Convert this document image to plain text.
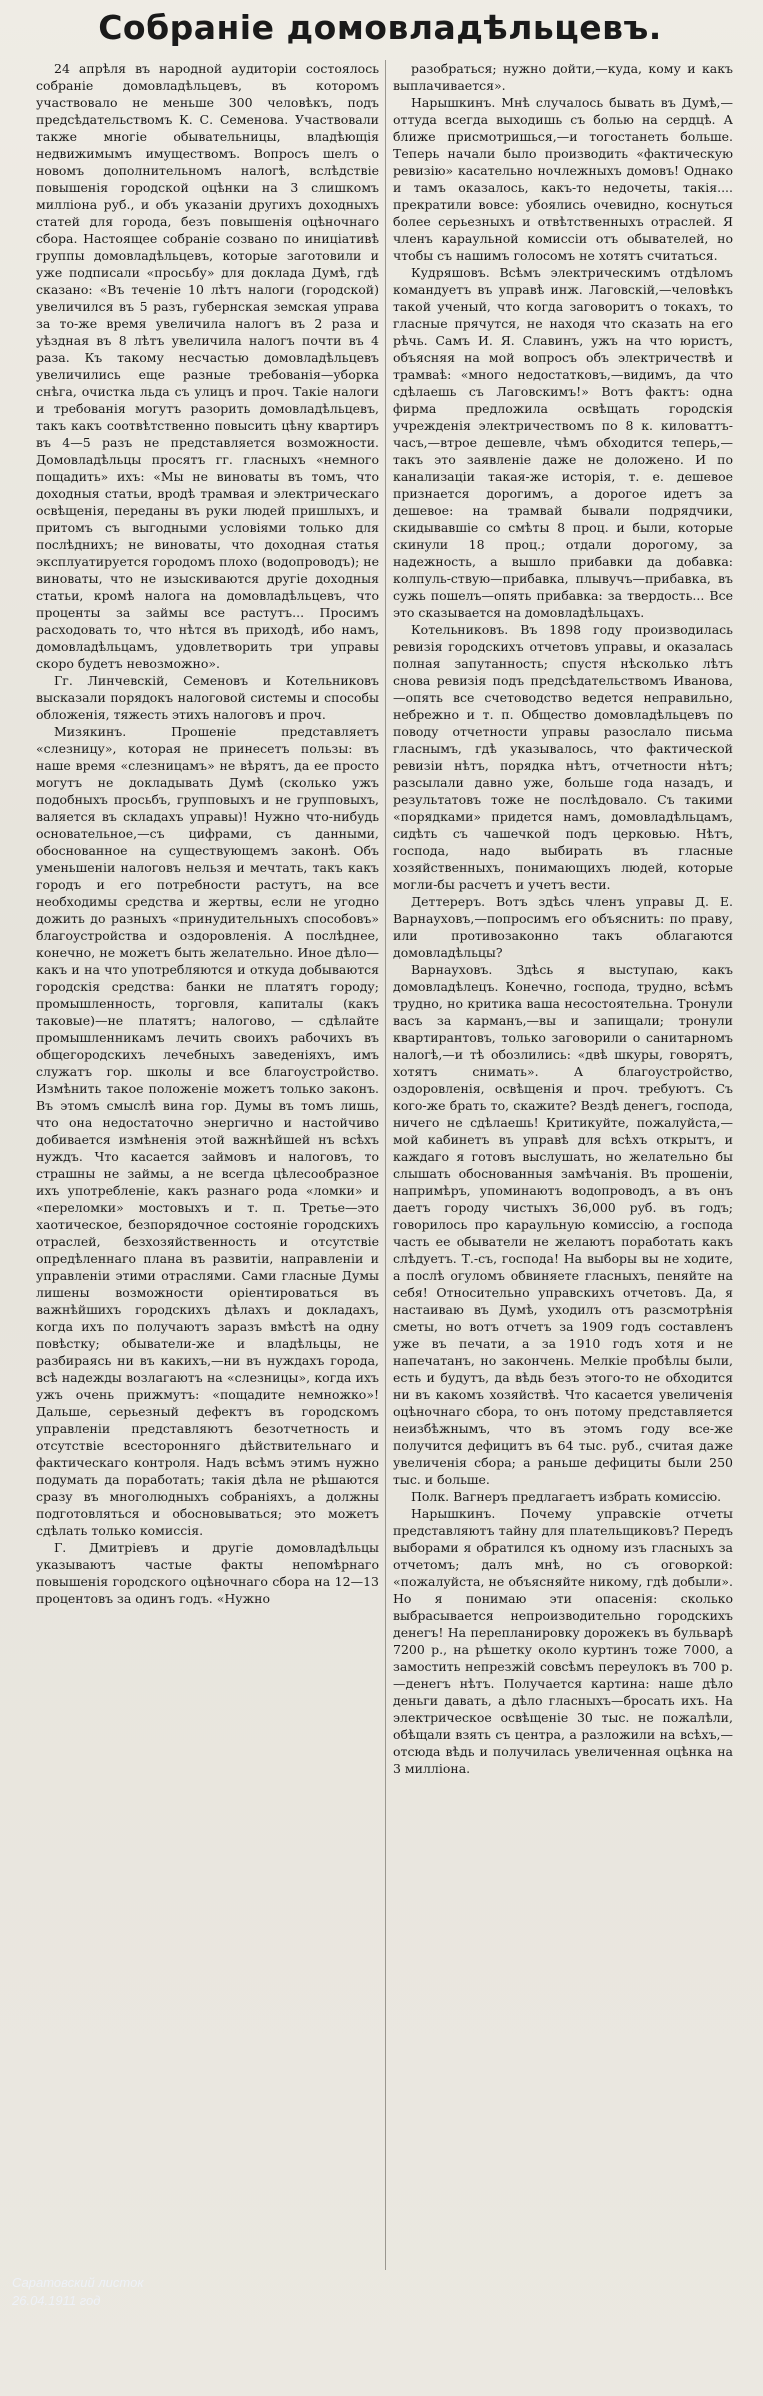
Собраніе домовладѣльцевъ.

24 апрѣля въ народной аудиторіи состоялось собраніе домовладѣльцевъ, въ которомъ участвовало не меньше 300 человѣкъ, подъ предсѣдательствомъ К. С. Семенова. Участвовали также многіе обывательницы, владѣющія недвижимымъ имуществомъ. Вопросъ шелъ о новомъ дополнительномъ налогѣ, вслѣдствіе повышенія городской оцѣнки на 3 слишкомъ милліона руб., и объ указаніи другихъ доходныхъ статей для города, безъ повышенія оцѣночнаго сбора. Настоящее собраніе созвано по иниціативѣ группы домовладѣльцевъ, которые заготовили и уже подписали «просьбу» для доклада Думѣ, гдѣ сказано: «Въ теченіе 10 лѣтъ налоги (городской) увеличился въ 5 разъ, губернская земская управа за то-же время увеличила налогъ въ 2 раза и уѣздная въ 8 лѣтъ увеличила налогъ почти въ 4 раза. Къ такому несчастью домовладѣльцевъ увеличились еще разные требованія—уборка снѣга, очистка льда съ улицъ и проч. Такіе налоги и требованія могутъ разорить домовладѣльцевъ, такъ какъ соотвѣтственно повысить цѣну квартиръ въ 4—5 разъ не представляется возможности. Домовладѣльцы просятъ гг. гласныхъ «немного пощадить» ихъ: «Мы не виноваты въ томъ, что доходныя статьи, вродѣ трамвая и электрическаго освѣщенія, переданы въ руки людей пришлыхъ, и притомъ съ выгодными условіями только для послѣднихъ; не виноваты, что доходная статья эксплуатируется городомъ плохо (водопроводъ); не виноваты, что не изыскиваются другіе доходныя статьи, кромѣ налога на домовладѣльцевъ, что проценты за займы все растутъ... Просимъ расходовать то, что нѣтся въ приходѣ, ибо намъ, домовладѣльцамъ, удовлетворить три управы скоро будетъ невозможно».

Гг. Линчевскій, Семеновъ и Котельниковъ высказали порядокъ налоговой системы и способы обложенія, тяжесть этихъ налоговъ и проч.

Мизякинъ. Прошеніе представляетъ «слезницу», которая не принесетъ пользы: въ наше время «слезницамъ» не вѣрятъ, да ее просто могутъ не докладывать Думѣ (сколько ужъ подобныхъ просьбъ, групповыхъ и не групповыхъ, валяется въ складахъ управы)! Нужно что-нибудь основательное,—съ цифрами, съ данными, обоснованное на существующемъ законѣ. Объ уменьшеніи налоговъ нельзя и мечтать, такъ какъ городъ и его потребности растутъ, на все необходимы средства и жертвы, если не угодно дожить до разныхъ «принудительныхъ способовъ» благоустройства и оздоровленія. А послѣднее, конечно, не можетъ быть желательно. Иное дѣло—какъ и на что употребляются и откуда добываются городскія средства: банки не платятъ городу; промышленность, торговля, капиталы (какъ таковые)—не платятъ; налогово, — сдѣлайте промышленникамъ лечить своихъ рабочихъ въ общегородскихъ лечебныхъ заведеніяхъ, имъ служатъ гор. школы и все благоустройство. Измѣнить такое положеніе можетъ только законъ. Въ этомъ смыслѣ вина гор. Думы въ томъ лишь, что она недостаточно энергично и настойчиво добивается измѣненія этой важнѣйшей нъ всѣхъ нуждъ. Что касается займовъ и налоговъ, то страшны не займы, а не всегда цѣлесообразное ихъ употребленіе, какъ разнаго рода «ломки» и «переломки» мостовыхъ и т. п. Третье—это хаотическое, безпорядочное состояніе городскихъ отраслей, безхозяйственность и отсутствіе опредѣленнаго плана въ развитіи, направленіи и управленіи этими отраслями. Сами гласные Думы лишены возможности оріентироваться въ важнѣйшихъ городскихъ дѣлахъ и докладахъ, когда ихъ по получаютъ заразъ вмѣстѣ на одну повѣстку; обыватели-же и владѣльцы, не разбираясь ни въ какихъ,—ни въ нуждахъ города, всѣ надежды возлагаютъ на «слезницы», когда ихъ ужъ очень прижмутъ: «пощадите немножко»! Дальше, серьезный дефектъ въ городскомъ управленіи представляютъ безотчетность и отсутствіе всесторонняго дѣйствительнаго и фактическаго контроля. Надъ всѣмъ этимъ нужно подумать да поработать; такія дѣла не рѣшаются сразу въ многолюдныхъ собраніяхъ, а должны подготовляться и обосновываться; это можетъ сдѣлать только комиссія.

Г. Дмитріевъ и другіе домовладѣльцы указываютъ частые факты непомѣрнаго повышенія городского оцѣночнаго сбора на 12—13 процентовъ за одинъ годъ. «Нужно

разобраться; нужно дойти,—куда, кому и какъ выплачивается».

Нарышкинъ. Мнѣ случалось бывать въ Думѣ,—оттуда всегда выходишь съ болью на сердцѣ. А ближе присмотришься,—и тогостанеть больше. Теперь начали было производить «фактическую ревизію» касательно ночлежныхъ домовъ! Однако и тамъ оказалось, какъ-то недочеты, такія.... прекратили вовсе: убоялись очевидно, коснуться более серьезныхъ и отвѣтственныхъ отраслей. Я членъ караульной комиссіи отъ обывателей, но чтобы съ нашимъ голосомъ не хотятъ считаться.

Кудряшовъ. Всѣмъ электрическимъ отдѣломъ командуетъ въ управѣ инж. Лаговскій,—человѣкъ такой ученый, что когда заговоритъ о токахъ, то гласные прячутся, не находя что сказать на его рѣчь. Самъ И. Я. Славинъ, ужъ на что юристъ, объясняя на мой вопросъ объ электричествѣ и трамваѣ: «много недостатковъ,—видимъ, да что сдѣлаешь съ Лаговскимъ!» Вотъ фактъ: одна фирма предложила освѣщать городскія учрежденія электричествомъ по 8 к. киловаттъ-часъ,—втрое дешевле, чѣмъ обходится теперь,—такъ это заявленіе даже не доложено. И по канализаціи такая-же исторія, т. е. дешевое признается дорогимъ, а дорогое идетъ за дешевое: на трамвай бывали подрядчики, скидывавшіе со смѣты 8 проц. и были, которые скинули 18 проц.; отдали дорогому, за надежность, а вышло прибавки да добавка: колпуль-ствую—прибавка, плывучъ—прибавка, въ сужь пошелъ—опять прибавка: за твердость... Все это сказывается на домовладѣльцахъ.

Котельниковъ. Въ 1898 году производилась ревизія городскихъ отчетовъ управы, и оказалась полная запутанность; спустя нѣсколько лѣтъ снова ревизія подъ предсѣдательствомъ Иванова,—опять все счетоводство ведется неправильно, небрежно и т. п. Общество домовладѣльцевъ по поводу отчетности управы разослало письма гласнымъ, гдѣ указывалось, что фактической ревизіи нѣтъ, порядка нѣтъ, отчетности нѣтъ; разсылали давно уже, больше года назадъ, и результатовъ тоже не послѣдовало. Съ такими «порядками» придется намъ, домовладѣльцамъ, сидѣть съ чашечкой подъ церковью. Нѣтъ, господа, надо выбирать въ гласные хозяйственныхъ, понимающихъ людей, которые могли-бы расчетъ и учетъ вести.

Деттереръ. Вотъ здѣсь членъ управы Д. Е. Варнауховъ,—попросимъ его объяснить: по праву, или противозаконно такъ облагаются домовладѣльцы?

Варнауховъ. Здѣсь я выступаю, какъ домовладѣлецъ. Конечно, господа, трудно, всѣмъ трудно, но критика ваша несостоятельна. Тронули васъ за карманъ,—вы и запищали; тронули квартирантовъ, только заговорили о санитарномъ налогѣ,—и тѣ обозлились: «двѣ шкуры, говорятъ, хотятъ снимать». А благоустройство, оздоровленія, освѣщенія и проч. требуютъ. Съ кого-же брать то, скажите? Вездѣ денегъ, господа, ничего не сдѣлаешь! Критикуйте, пожалуйста,—мой кабинетъ въ управѣ для всѣхъ открытъ, и каждаго я готовъ выслушать, но желательно бы слышать обоснованныя замѣчанія. Въ прошеніи, напримѣръ, упоминаютъ водопроводъ, а въ онъ даетъ городу чистыхъ 36,000 руб. въ годъ; говорилось про караульную комиссію, а господа часть ее обыватели не желаютъ поработать какъ слѣдуетъ. Т.-съ, господа! На выборы вы не ходите, а послѣ огуломъ обвиняете гласныхъ, пеняйте на себя! Относительно управскихъ отчетовъ. Да, я настаиваю въ Думѣ, уходилъ отъ разсмотрѣнія сметы, но вотъ отчетъ за 1909 годъ составленъ уже въ печати, а за 1910 годъ хотя и не напечатанъ, но закончень. Мелкіе пробѣлы были, есть и будутъ, да вѣдь безъ этого-то не обходится ни въ какомъ хозяйствѣ. Что касается увеличенія оцѣночнаго сбора, то онъ потому представляется неизбѣжнымъ, что въ этомъ году все-же получится дефицитъ въ 64 тыс. руб., считая даже увеличенія сбора; а раньше дефициты были 250 тыс. и больше.

Полк. Вагнеръ предлагаетъ избрать комиссію.

Нарышкинъ. Почему управскіе отчеты представляютъ тайну для плательщиковъ? Передъ выборами я обратился къ одному изъ гласныхъ за отчетомъ; далъ мнѣ, но съ оговоркой: «пожалуйста, не объясняйте никому, гдѣ добыли». Но я понимаю эти опасенія: сколько выбрасывается непроизводительно городскихъ денегъ! На перепланировку дорожекъ въ бульварѣ 7200 р., на рѣшетку около куртинъ тоже 7000, а замостить непрезжій совсѣмъ переулокъ въ 700 р.—денегъ нѣтъ. Получается картина: наше дѣло деньги давать, а дѣло гласныхъ—бросать ихъ. На электрическое освѣщеніе 30 тыс. не пожалѣли, обѣщали взять съ центра, а разложили на всѣхъ,—отсюда вѣдь и получилась увеличенная оцѣнка на 3 милліона.

Саратовский листок
26.04.1911 год
